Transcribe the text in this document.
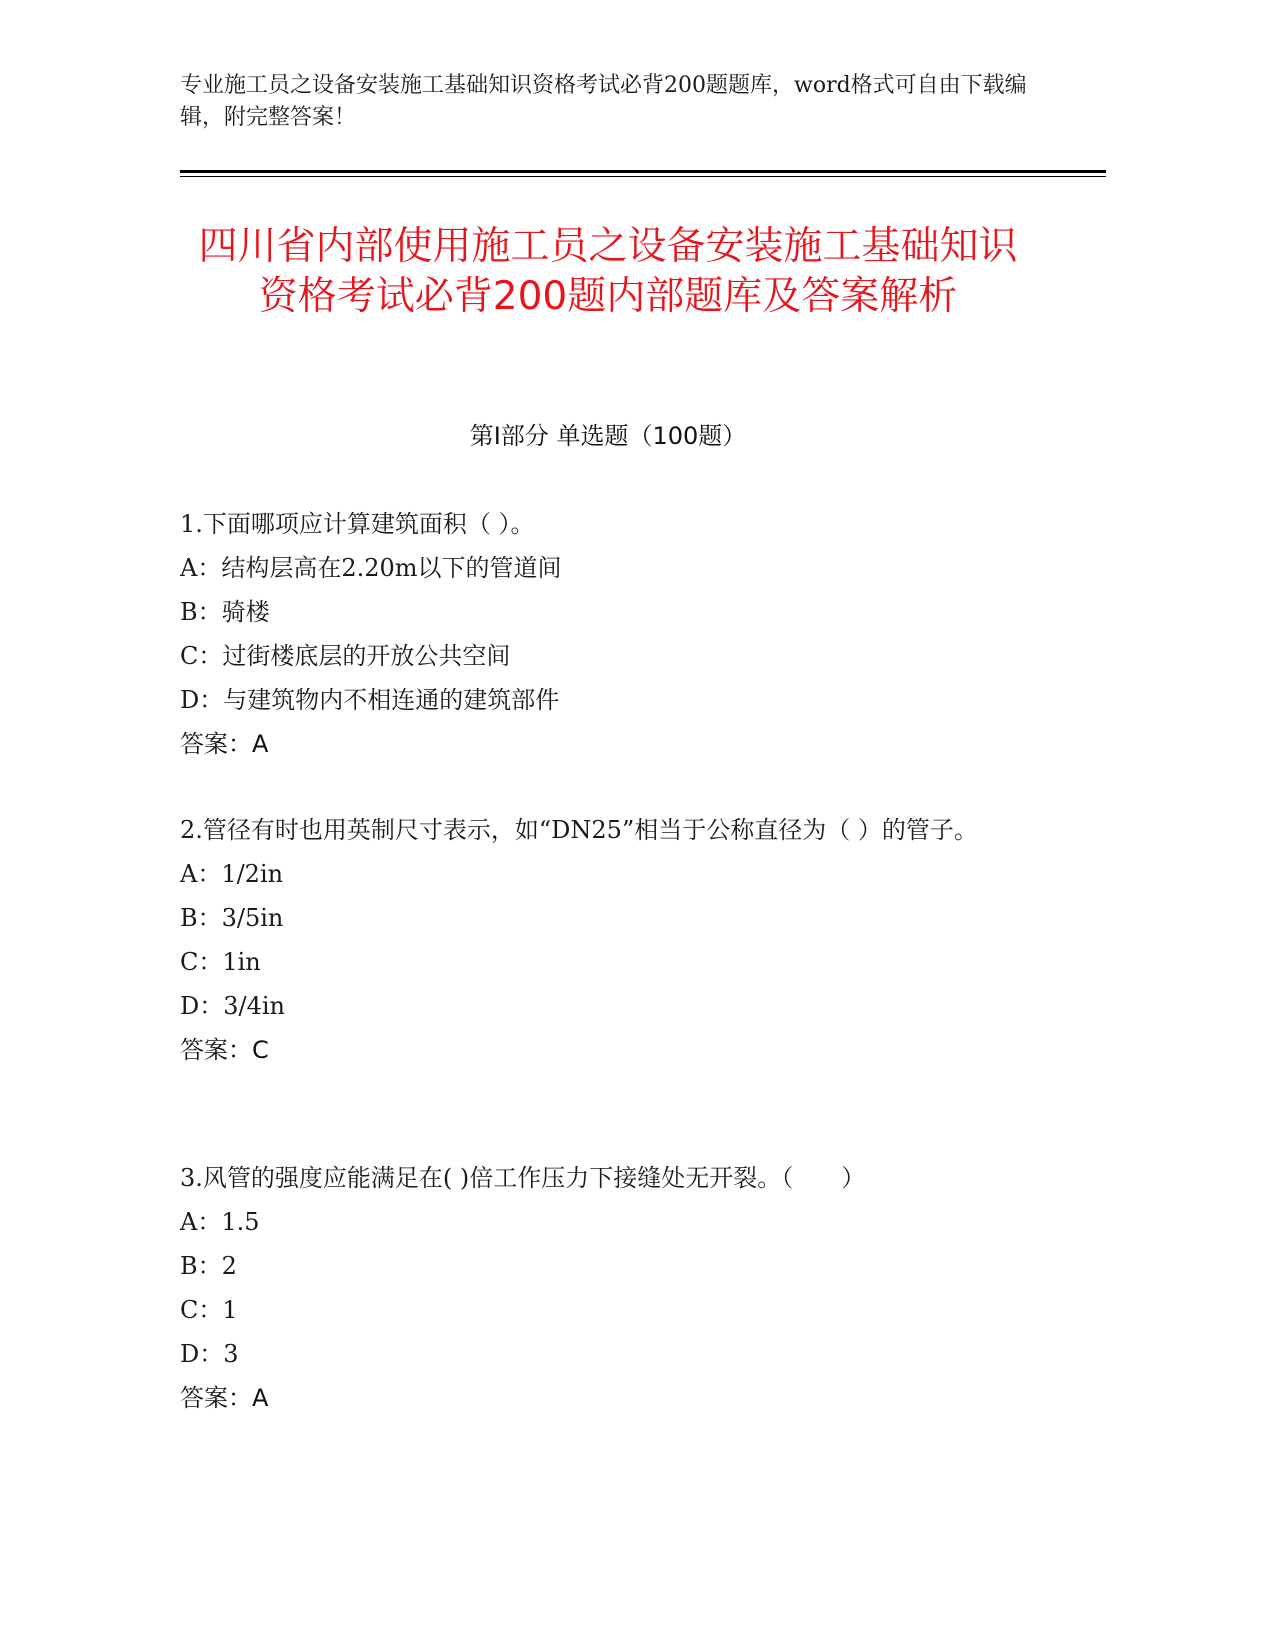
专业施工员之设备安装施工基础知识资格考试必背200题题库，word格式可自由下载编辑，附完整答案！
四川省内部使用施工员之设备安装施工基础知识资格考试必背200题内部题库及答案解析
第Ⅰ部分 单选题（100题）
1.下面哪项应计算建筑面积（ ）。
A：结构层高在2.20m以下的管道间
B：骑楼
C：过街楼底层的开放公共空间
D：与建筑物内不相连通的建筑部件
答案：A
2.管径有时也用英制尺寸表示，如“DN25”相当于公称直径为（ ）的管子。
A：1/2in
B：3/5in
C：1in
D：3/4in
答案：C
3.风管的强度应能满足在( )倍工作压力下接缝处无开裂。（　　）
A：1.5
B：2
C：1
D：3
答案：A
